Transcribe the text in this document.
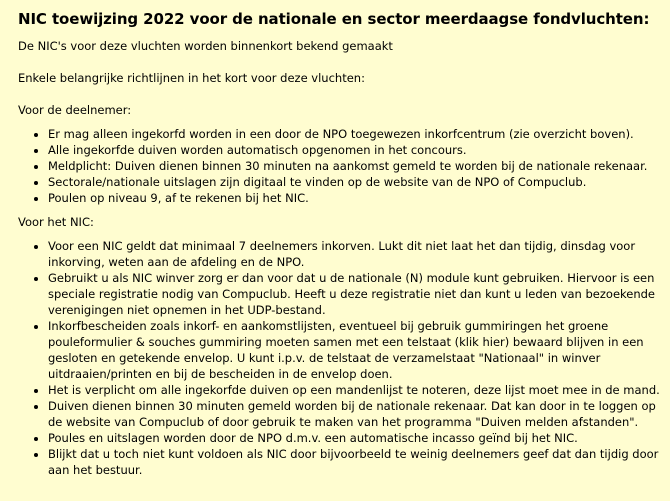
NIC toewijzing 2022 voor de nationale en sector meerdaagse fondvluchten:

De NIC's voor deze vluchten worden binnenkort bekend gemaakt

Enkele belangrijke richtlijnen in het kort voor deze vluchten:

Voor de deelnemer:

• Er mag alleen ingekorfd worden in een door de NPO toegewezen inkorfcentrum (zie overzicht boven).
• Alle ingekorfde duiven worden automatisch opgenomen in het concours.
• Meldplicht: Duiven dienen binnen 30 minuten na aankomst gemeld te worden bij de nationale rekenaar.
• Sectorale/nationale uitslagen zijn digitaal te vinden op de website van de NPO of Compuclub.
• Poulen op niveau 9, af te rekenen bij het NIC.

Voor het NIC:

• Voor een NIC geldt dat minimaal 7 deelnemers inkorven. Lukt dit niet laat het dan tijdig, dinsdag voor inkorving, weten aan de afdeling en de NPO.
• Gebruikt u als NIC winver zorg er dan voor dat u de nationale (N) module kunt gebruiken. Hiervoor is een speciale registratie nodig van Compuclub. Heeft u deze registratie niet dan kunt u leden van bezoekende verenigingen niet opnemen in het UDP-bestand.
• Inkorfbescheiden zoals inkorf- en aankomstlijsten, eventueel bij gebruik gummiringen het groene pouleformulier & souches gummiring moeten samen met een telstaat (klik hier) bewaard blijven in een gesloten en getekende envelop. U kunt i.p.v. de telstaat de verzamelstaat "Nationaal" in winver uitdraaien/printen en bij de bescheiden in de envelop doen.
• Het is verplicht om alle ingekorfde duiven op een mandenlijst te noteren, deze lijst moet mee in de mand.
• Duiven dienen binnen 30 minuten gemeld worden bij de nationale rekenaar. Dat kan door in te loggen op de website van Compuclub of door gebruik te maken van het programma "Duiven melden afstanden".
• Poules en uitslagen worden door de NPO d.m.v. een automatische incasso geïnd bij het NIC.
• Blijkt dat u toch niet kunt voldoen als NIC door bijvoorbeeld te weinig deelnemers geef dat dan tijdig door aan het bestuur.
